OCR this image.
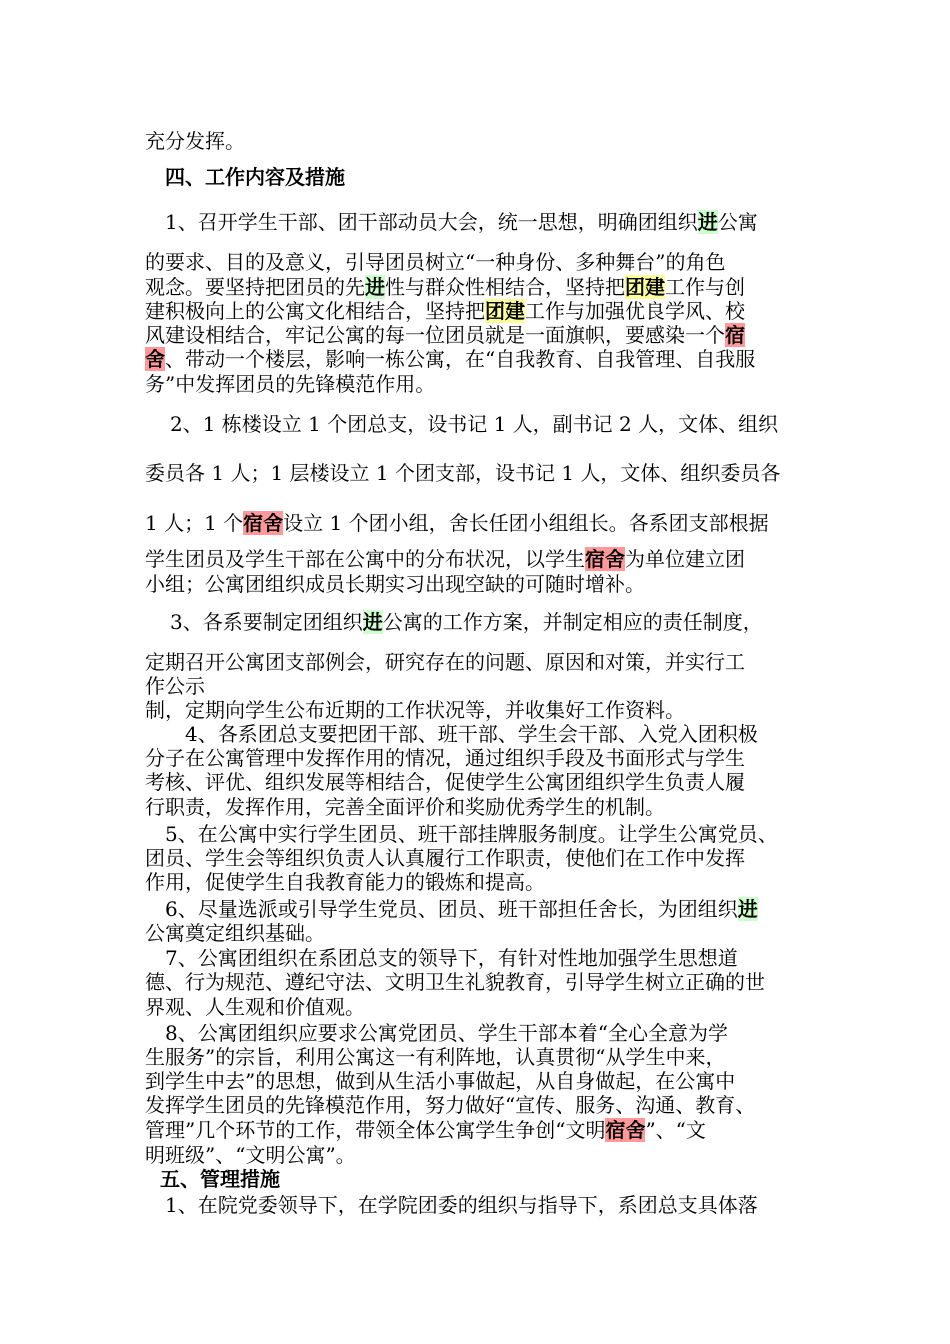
充分发挥。
四、工作内容及措施
1、召开学生干部、团干部动员大会，统一思想，明确团组织进公寓
的要求、目的及意义，引导团员树立“一种身份、多种舞台”的角色
观念。要坚持把团员的先进性与群众性相结合，坚持把团建工作与创
建积极向上的公寓文化相结合，坚持把团建工作与加强优良学风、校
风建设相结合，牢记公寓的每一位团员就是一面旗帜，要感染一个宿
舍、带动一个楼层，影响一栋公寓，在“自我教育、自我管理、自我服
务”中发挥团员的先锋模范作用。
2、1 栋楼设立 1 个团总支，设书记 1 人，副书记 2 人，文体、组织
委员各 1 人；1 层楼设立 1 个团支部，设书记 1 人，文体、组织委员各
1 人；1 个宿舍设立 1 个团小组，舍长任团小组组长。各系团支部根据
学生团员及学生干部在公寓中的分布状况，以学生宿舍为单位建立团
小组；公寓团组织成员长期实习出现空缺的可随时增补。
3、各系要制定团组织进公寓的工作方案，并制定相应的责任制度，
定期召开公寓团支部例会，研究存在的问题、原因和对策，并实行工
作公示
制，定期向学生公布近期的工作状况等，并收集好工作资料。
4、各系团总支要把团干部、班干部、学生会干部、入党入团积极
分子在公寓管理中发挥作用的情况，通过组织手段及书面形式与学生
考核、评优、组织发展等相结合，促使学生公寓团组织学生负责人履
行职责，发挥作用，完善全面评价和奖励优秀学生的机制。
5、在公寓中实行学生团员、班干部挂牌服务制度。让学生公寓党员、
团员、学生会等组织负责人认真履行工作职责，使他们在工作中发挥
作用，促使学生自我教育能力的锻炼和提高。
6、尽量选派或引导学生党员、团员、班干部担任舍长，为团组织进
公寓奠定组织基础。
7、公寓团组织在系团总支的领导下，有针对性地加强学生思想道
德、行为规范、遵纪守法、文明卫生礼貌教育，引导学生树立正确的世
界观、人生观和价值观。
8、公寓团组织应要求公寓党团员、学生干部本着“全心全意为学
生服务”的宗旨，利用公寓这一有利阵地，认真贯彻“从学生中来，
到学生中去”的思想，做到从生活小事做起，从自身做起，在公寓中
发挥学生团员的先锋模范作用，努力做好“宣传、服务、沟通、教育、
管理”几个环节的工作，带领全体公寓学生争创“文明宿舍”、“文
明班级”、“文明公寓”。
五、管理措施
1、在院党委领导下，在学院团委的组织与指导下，系团总支具体落
